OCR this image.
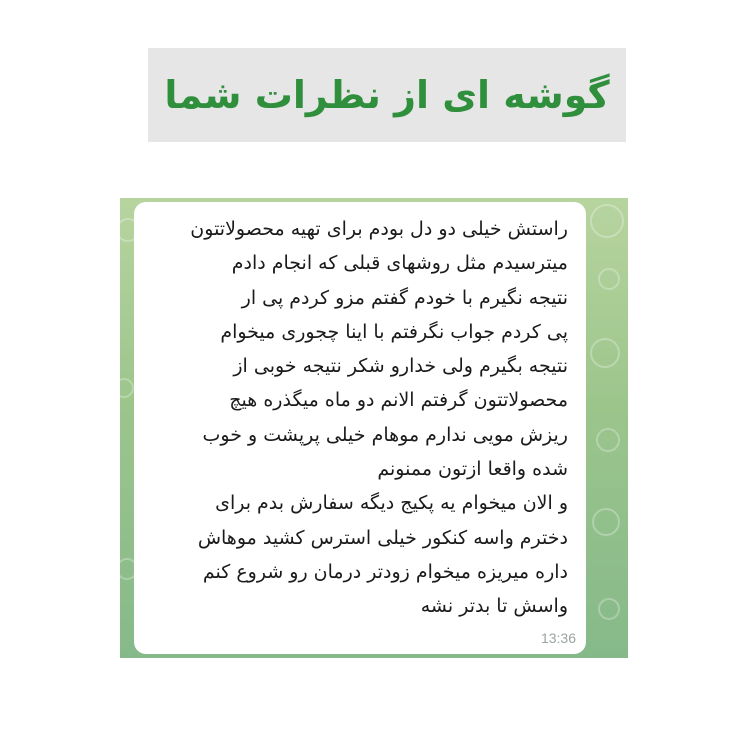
گوشه ای از نظرات شما
راستش خیلی دو دل بودم برای تهیه محصولاتتون
میترسیدم مثل روشهای قبلی که انجام دادم
نتیجه نگیرم با خودم گفتم مزو کردم پی ار
پی کردم جواب نگرفتم با اینا چجوری میخوام
نتیجه بگیرم ولی خدارو شکر نتیجه خوبی از
محصولاتتون گرفتم الانم دو ماه میگذره هیچ
ریزش مویی ندارم موهام خیلی پرپشت و خوب
شده واقعا ازتون ممنونم
و الان میخوام یه پکیج دیگه سفارش بدم برای
دخترم واسه کنکور خیلی استرس کشید موهاش
داره میریزه میخوام زودتر درمان رو شروع کنم
واسش تا بدتر نشه
13:36
